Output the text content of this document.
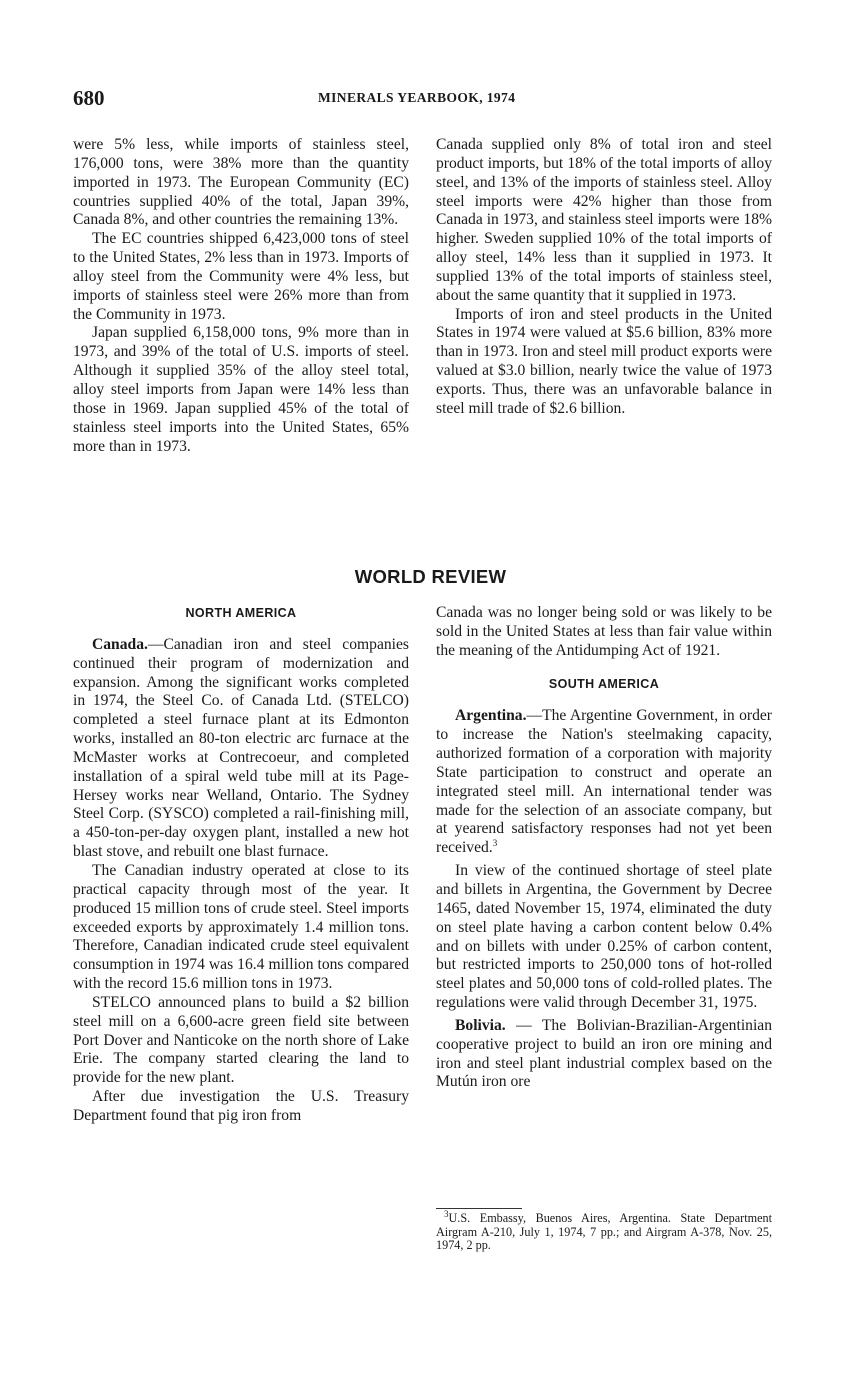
680	MINERALS YEARBOOK, 1974

were 5% less, while imports of stainless steel, 176,000 tons, were 38% more than the quantity imported in 1973. The European Community (EC) countries supplied 40% of the total, Japan 39%, Canada 8%, and other countries the remaining 13%.

The EC countries shipped 6,423,000 tons of steel to the United States, 2% less than in 1973. Imports of alloy steel from the Community were 4% less, but imports of stainless steel were 26% more than from the Community in 1973.

Japan supplied 6,158,000 tons, 9% more than in 1973, and 39% of the total of U.S. imports of steel. Although it supplied 35% of the alloy steel total, alloy steel imports from Japan were 14% less than those in 1969. Japan supplied 45% of the total of stainless steel imports into the United States, 65% more than in 1973.

Canada supplied only 8% of total iron and steel product imports, but 18% of the total imports of alloy steel, and 13% of the imports of stainless steel. Alloy steel imports were 42% higher than those from Canada in 1973, and stainless steel imports were 18% higher. Sweden supplied 10% of the total imports of alloy steel, 14% less than it supplied in 1973. It supplied 13% of the total imports of stainless steel, about the same quantity that it supplied in 1973.

Imports of iron and steel products in the United States in 1974 were valued at $5.6 billion, 83% more than in 1973. Iron and steel mill product exports were valued at $3.0 billion, nearly twice the value of 1973 exports. Thus, there was an unfavorable balance in steel mill trade of $2.6 billion.

WORLD REVIEW
NORTH AMERICA

Canada.—Canadian iron and steel companies continued their program of modernization and expansion. Among the significant works completed in 1974, the Steel Co. of Canada Ltd. (STELCO) completed a steel furnace plant at its Edmonton works, installed an 80-ton electric arc furnace at the McMaster works at Contrecoeur, and completed installation of a spiral weld tube mill at its Page-Hersey works near Welland, Ontario. The Sydney Steel Corp. (SYSCO) completed a rail-finishing mill, a 450-ton-per-day oxygen plant, installed a new hot blast stove, and rebuilt one blast furnace.

The Canadian industry operated at close to its practical capacity through most of the year. It produced 15 million tons of crude steel. Steel imports exceeded exports by approximately 1.4 million tons. Therefore, Canadian indicated crude steel equivalent consumption in 1974 was 16.4 million tons compared with the record 15.6 million tons in 1973.

STELCO announced plans to build a $2 billion steel mill on a 6,600-acre green field site between Port Dover and Nanticoke on the north shore of Lake Erie. The company started clearing the land to provide for the new plant.

After due investigation the U.S. Treasury Department found that pig iron from

Canada was no longer being sold or was likely to be sold in the United States at less than fair value within the meaning of the Antidumping Act of 1921.

SOUTH AMERICA

Argentina.—The Argentine Government, in order to increase the Nation's steelmaking capacity, authorized formation of a corporation with majority State participation to construct and operate an integrated steel mill. An international tender was made for the selection of an associate company, but at yearend satisfactory responses had not yet been received.$^3$

In view of the continued shortage of steel plate and billets in Argentina, the Government by Decree 1465, dated November 15, 1974, eliminated the duty on steel plate having a carbon content below 0.4% and on billets with under 0.25% of carbon content, but restricted imports to 250,000 tons of hot-rolled steel plates and 50,000 tons of cold-rolled plates. The regulations were valid through December 31, 1975.

Bolivia. — The Bolivian-Brazilian-Argentinian cooperative project to build an iron ore mining and iron and steel plant industrial complex based on the Mutún iron ore

$^3$U.S. Embassy, Buenos Aires, Argentina. State Department Airgram A-210, July 1, 1974, 7 pp.; and Airgram A-378, Nov. 25, 1974, 2 pp.
